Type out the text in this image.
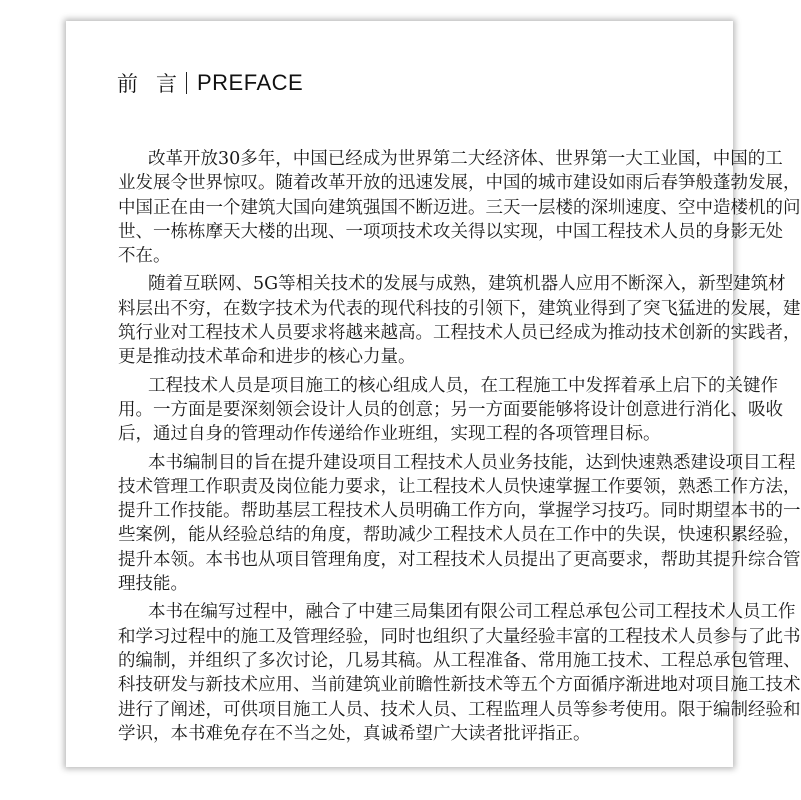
前 言 PREFACE
改革开放30多年，中国已经成为世界第二大经济体、世界第一大工业国，中国的工
业发展令世界惊叹。随着改革开放的迅速发展，中国的城市建设如雨后春笋般蓬勃发展，
中国正在由一个建筑大国向建筑强国不断迈进。三天一层楼的深圳速度、空中造楼机的问
世、一栋栋摩天大楼的出现、一项项技术攻关得以实现，中国工程技术人员的身影无处
不在。
随着互联网、5G等相关技术的发展与成熟，建筑机器人应用不断深入，新型建筑材
料层出不穷，在数字技术为代表的现代科技的引领下，建筑业得到了突飞猛进的发展，建
筑行业对工程技术人员要求将越来越高。工程技术人员已经成为推动技术创新的实践者，
更是推动技术革命和进步的核心力量。
工程技术人员是项目施工的核心组成人员，在工程施工中发挥着承上启下的关键作
用。一方面是要深刻领会设计人员的创意；另一方面要能够将设计创意进行消化、吸收
后，通过自身的管理动作传递给作业班组，实现工程的各项管理目标。
本书编制目的旨在提升建设项目工程技术人员业务技能，达到快速熟悉建设项目工程
技术管理工作职责及岗位能力要求，让工程技术人员快速掌握工作要领，熟悉工作方法，
提升工作技能。帮助基层工程技术人员明确工作方向，掌握学习技巧。同时期望本书的一
些案例，能从经验总结的角度，帮助减少工程技术人员在工作中的失误，快速积累经验，
提升本领。本书也从项目管理角度，对工程技术人员提出了更高要求，帮助其提升综合管
理技能。
本书在编写过程中，融合了中建三局集团有限公司工程总承包公司工程技术人员工作
和学习过程中的施工及管理经验，同时也组织了大量经验丰富的工程技术人员参与了此书
的编制，并组织了多次讨论，几易其稿。从工程准备、常用施工技术、工程总承包管理、
科技研发与新技术应用、当前建筑业前瞻性新技术等五个方面循序渐进地对项目施工技术
进行了阐述，可供项目施工人员、技术人员、工程监理人员等参考使用。限于编制经验和
学识，本书难免存在不当之处，真诚希望广大读者批评指正。
